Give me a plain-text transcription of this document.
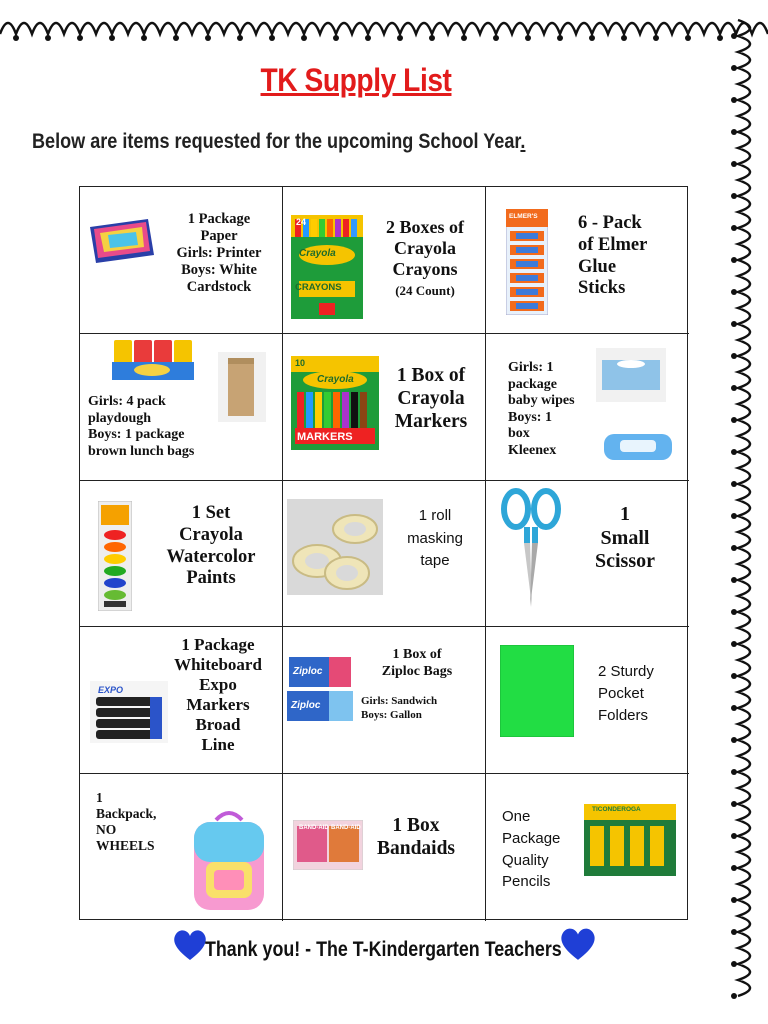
TK Supply List
Below are items requested for the upcoming School Year.
1 Package
Paper
Girls: Printer
Boys: White
Cardstock
24
Crayola
CRAYONS
2 Boxes of
Crayola
Crayons
(24 Count)
ELMER'S 6 - Pack
of Elmer
Glue
Sticks
Girls: 4 pack
playdough
Boys: 1 package
brown lunch bags
10
Crayola
MARKERS
1 Box of
Crayola
Markers
Girls: 1
package
baby wipes
Boys: 1
box
Kleenex
1 Set
Crayola
Watercolor
Paints
1 roll
masking
tape
1
Small
Scissor
EXPO
1 Package
Whiteboard
Expo
Markers
Broad
Line
Ziploc
Ziploc
1 Box of
Ziploc Bags
Girls: Sandwich
Boys: Gallon
2 Sturdy
Pocket
Folders
1
Backpack,
NO
WHEELS
BAND-AID BAND-AID	1 Box
Bandaids
TICONDEROGA
One
Package
Quality
Pencils
Thank you! - The T-Kindergarten Teachers
